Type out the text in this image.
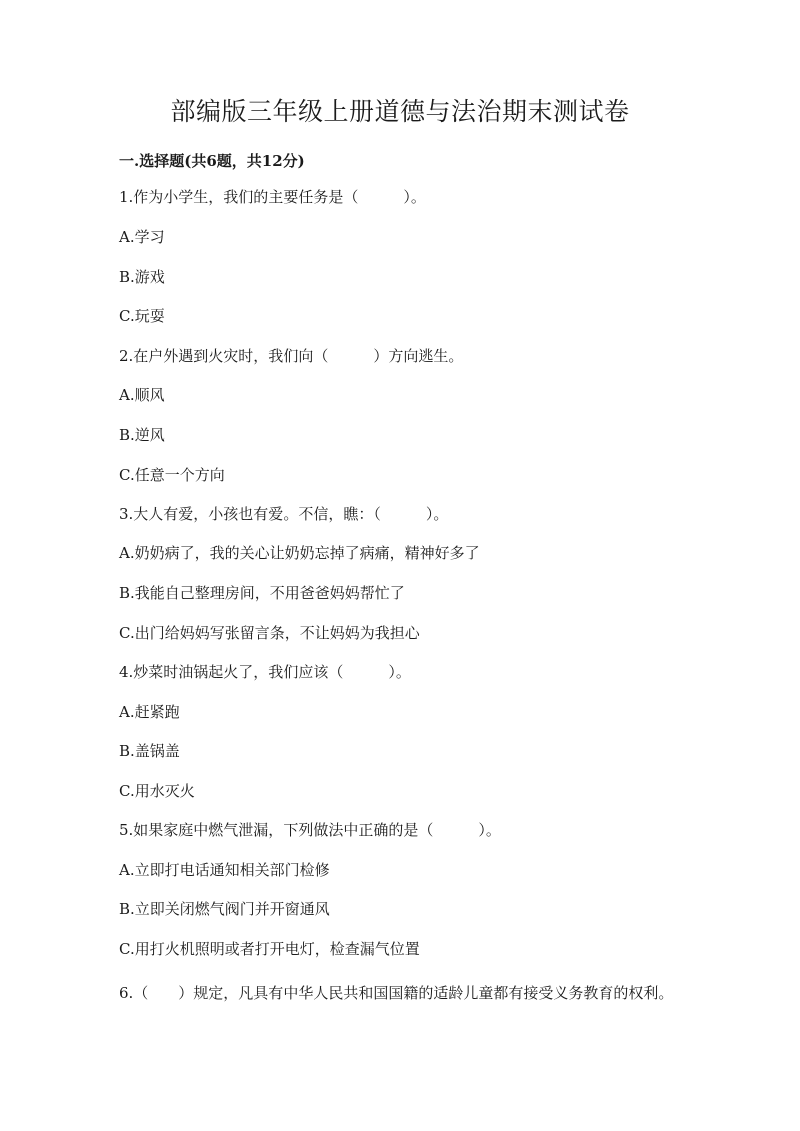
部编版三年级上册道德与法治期末测试卷
一.选择题(共6题，共12分)
1.作为小学生，我们的主要任务是（　　　）。
A.学习
B.游戏
C.玩耍
2.在户外遇到火灾时，我们向（　　　）方向逃生。
A.顺风
B.逆风
C.任意一个方向
3.大人有爱，小孩也有爱。不信，瞧：（　　　）。
A.奶奶病了，我的关心让奶奶忘掉了病痛，精神好多了
B.我能自己整理房间，不用爸爸妈妈帮忙了
C.出门给妈妈写张留言条，不让妈妈为我担心
4.炒菜时油锅起火了，我们应该（　　　）。
A.赶紧跑
B.盖锅盖
C.用水灭火
5.如果家庭中燃气泄漏，下列做法中正确的是（　　　）。
A.立即打电话通知相关部门检修
B.立即关闭燃气阀门并开窗通风
C.用打火机照明或者打开电灯，检查漏气位置
6.（　　）规定，凡具有中华人民共和国国籍的适龄儿童都有接受义务教育的权利。
